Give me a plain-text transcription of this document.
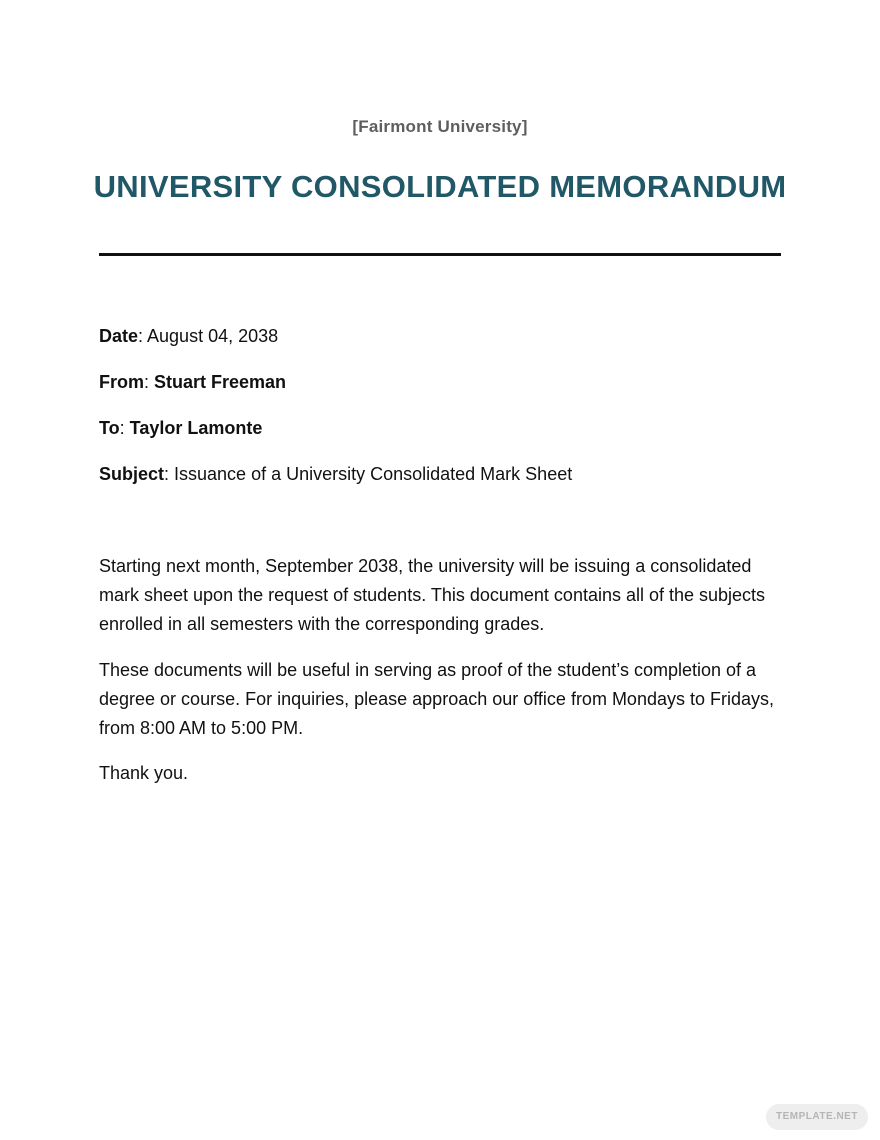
[Fairmont University]
UNIVERSITY CONSOLIDATED MEMORANDUM
Date: August 04, 2038
From: Stuart Freeman
To: Taylor Lamonte
Subject: Issuance of a University Consolidated Mark Sheet

Starting next month, September 2038, the university will be issuing a consolidated mark sheet upon the request of students. This document contains all of the subjects enrolled in all semesters with the corresponding grades.

These documents will be useful in serving as proof of the student’s completion of a degree or course. For inquiries, please approach our office from Mondays to Fridays, from 8:00 AM to 5:00 PM.

Thank you.

TEMPLATE.NET
